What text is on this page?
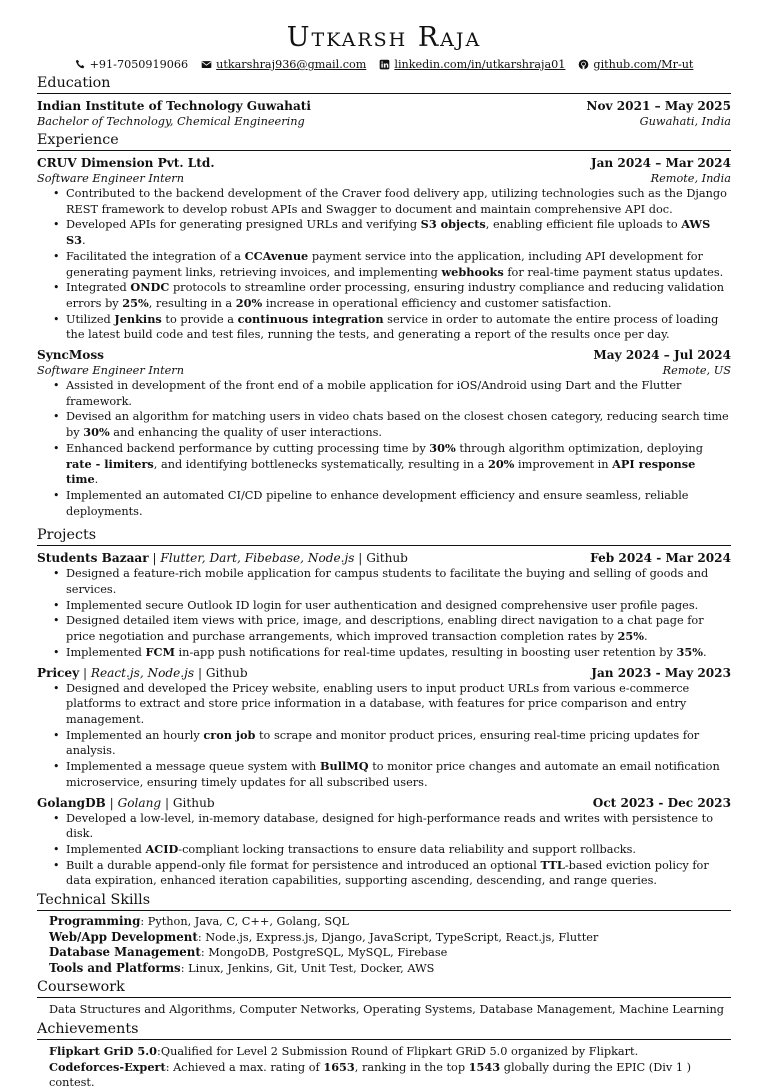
Utkarsh Raja
+91-7050919066	utkarshraj936@gmail.com	linkedin.com/in/utkarshraja01	github.com/Mr-ut
Education
Indian Institute of Technology Guwahati	Nov 2021 – May 2025
Bachelor of Technology, Chemical Engineering	Guwahati, India
Experience
CRUV Dimension Pvt. Ltd.	Jan 2024 – Mar 2024
Software Engineer Intern	Remote, India
• Contributed to the backend development of the Craver food delivery app, utilizing technologies such as the Django REST framework to develop robust APIs and Swagger to document and maintain comprehensive API doc.
• Developed APIs for generating presigned URLs and verifying S3 objects, enabling efficient file uploads to AWS S3.
• Facilitated the integration of a CCAvenue payment service into the application, including API development for generating payment links, retrieving invoices, and implementing webhooks for real-time payment status updates.
• Integrated ONDC protocols to streamline order processing, ensuring industry compliance and reducing validation errors by 25%, resulting in a 20% increase in operational efficiency and customer satisfaction.
• Utilized Jenkins to provide a continuous integration service in order to automate the entire process of loading the latest build code and test files, running the tests, and generating a report of the results once per day.
SyncMoss	May 2024 – Jul 2024
Software Engineer Intern	Remote, US
• Assisted in development of the front end of a mobile application for iOS/Android using Dart and the Flutter framework.
• Devised an algorithm for matching users in video chats based on the closest chosen category, reducing search time by 30% and enhancing the quality of user interactions.
• Enhanced backend performance by cutting processing time by 30% through algorithm optimization, deploying rate - limiters, and identifying bottlenecks systematically, resulting in a 20% improvement in API response time.
• Implemented an automated CI/CD pipeline to enhance development efficiency and ensure seamless, reliable deployments.
Projects
Students Bazaar | Flutter, Dart, Fibebase, Node.js | Github	Feb 2024 - Mar 2024
• Designed a feature-rich mobile application for campus students to facilitate the buying and selling of goods and services.
• Implemented secure Outlook ID login for user authentication and designed comprehensive user profile pages.
• Designed detailed item views with price, image, and descriptions, enabling direct navigation to a chat page for price negotiation and purchase arrangements, which improved transaction completion rates by 25%.
• Implemented FCM in-app push notifications for real-time updates, resulting in boosting user retention by 35%.
Pricey | React.js, Node.js | Github	Jan 2023 - May 2023
• Designed and developed the Pricey website, enabling users to input product URLs from various e-commerce platforms to extract and store price information in a database, with features for price comparison and entry management.
• Implemented an hourly cron job to scrape and monitor product prices, ensuring real-time pricing updates for analysis.
• Implemented a message queue system with BullMQ to monitor price changes and automate an email notification microservice, ensuring timely updates for all subscribed users.
GolangDB | Golang | Github	Oct 2023 - Dec 2023
• Developed a low-level, in-memory database, designed for high-performance reads and writes with persistence to disk.
• Implemented ACID-compliant locking transactions to ensure data reliability and support rollbacks.
• Built a durable append-only file format for persistence and introduced an optional TTL-based eviction policy for data expiration, enhanced iteration capabilities, supporting ascending, descending, and range queries.
Technical Skills
Programming: Python, Java, C, C++, Golang, SQL
Web/App Development: Node.js, Express.js, Django, JavaScript, TypeScript, React.js, Flutter
Database Management: MongoDB, PostgreSQL, MySQL, Firebase
Tools and Platforms: Linux, Jenkins, Git, Unit Test, Docker, AWS
Coursework
Data Structures and Algorithms, Computer Networks, Operating Systems, Database Management, Machine Learning
Achievements
Flipkart GriD 5.0:Qualified for Level 2 Submission Round of Flipkart GRiD 5.0 organized by Flipkart.
Codeforces-Expert: Achieved a max. rating of 1653, ranking in the top 1543 globally during the EPIC (Div 1 ) contest.
